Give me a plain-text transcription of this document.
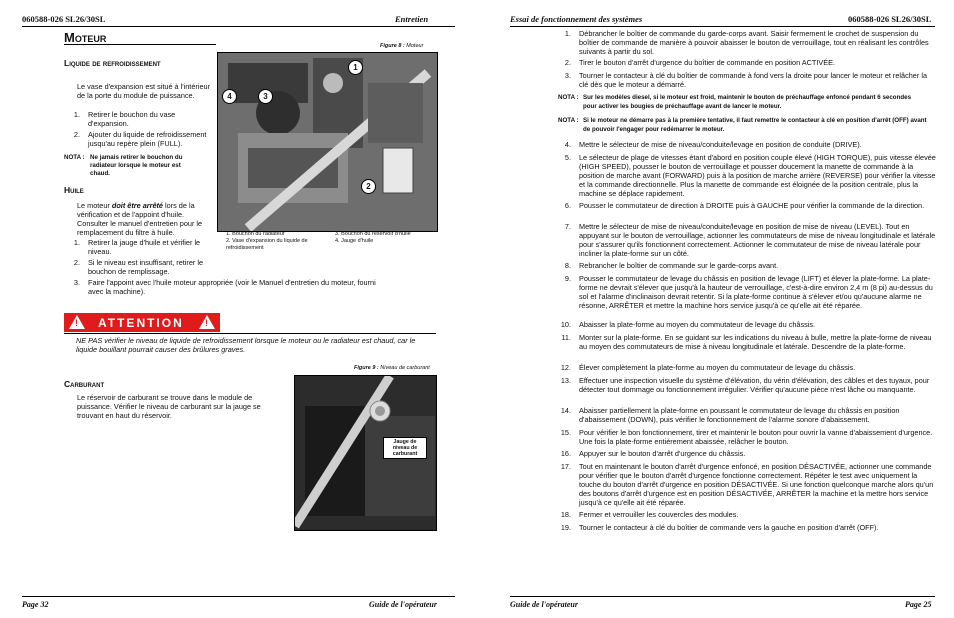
060588-026 SL26/30SL	Entretien
Moteur
Figure 8 : Moteur
Liquide de refroidissement
Le vase d'expansion est situé à l'intérieur de la porte du module de puissance.
1. Retirer le bouchon du vase d'expansion.
2. Ajouter du liquide de refroidissement jusqu'au repère plein (FULL).
NOTA : Ne jamais retirer le bouchon du radiateur lorsque le moteur est chaud.
Huile
Le moteur doit être arrêté lors de la vérification et de l'appoint d'huile. Consulter le manuel d'entretien pour le remplacement du filtre à huile.
1. Retirer la jauge d'huile et vérifier le niveau.
2. Si le niveau est insuffisant, retirer le bouchon de remplissage.
3. Faire l'appoint avec l'huile moteur appropriée (voir le Manuel d'entretien du moteur, fourni avec la machine).
1
2
3
4
1. Bouchon du radiateur
2. Vase d'expansion du liquide de refroidissement
3. Bouchon du réservoir d'huile
4. Jauge d'huile
! ATTENTION !
NE PAS vérifier le niveau de liquide de refroidissement lorsque le moteur ou le radiateur est chaud, car le liquide bouillant pourrait causer des brûlures graves.
Figure 9 : Niveau de carburant
Carburant
Le réservoir de carburant se trouve dans le module de puissance. Vérifier le niveau de carburant sur la jauge se trouvant en haut du réservoir.
Jauge de niveau de carburant
Page 32	Guide de l'opérateur
Essai de fonctionnement des systèmes	060588-026 SL26/30SL
1. Débrancher le boîtier de commande du garde-corps avant. Saisir fermement le crochet de suspension du boîtier de commande de manière à pouvoir abaisser le bouton de verrouillage, tout en réalisant les contrôles suivants à partir du sol.
2. Tirer le bouton d'arrêt d'urgence du boîtier de commande en position ACTIVÉE.
3. Tourner le contacteur à clé du boîtier de commande à fond vers la droite pour lancer le moteur et relâcher la clé dès que le moteur a démarré.
NOTA : Sur les modèles diesel, si le moteur est froid, maintenir le bouton de préchauffage enfoncé pendant 6 secondes pour activer les bougies de préchauffage avant de lancer le moteur.
NOTA : Si le moteur ne démarre pas à la première tentative, il faut remettre le contacteur à clé en position d'arrêt (OFF) avant de pouvoir l'engager pour redémarrer le moteur.
4. Mettre le sélecteur de mise de niveau/conduite/levage en position de conduite (DRIVE).
5. Le sélecteur de plage de vitesses étant d'abord en position couple élevé (HIGH TORQUE), puis vitesse élevée (HIGH SPEED), pousser le bouton de verrouillage et pousser doucement la manette de commande à la position de marche avant (FORWARD) puis à la position de marche arrière (REVERSE) pour vérifier la vitesse et la commande directionnelle. Plus la manette de commande est éloignée de la position centrale, plus la machine se déplace rapidement.
6. Pousser le commutateur de direction à DROITE puis à GAUCHE pour vérifier la commande de la direction.
7. Mettre le sélecteur de mise de niveau/conduite/levage en position de mise de niveau (LEVEL). Tout en appuyant sur le bouton de verrouillage, actionner les commutateurs de mise de niveau longitudinale et latérale pour s'assurer qu'ils fonctionnent correctement. Actionner le commutateur de mise de niveau latérale pour incliner la plate-forme sur un côté.
8. Rebrancher le boîtier de commande sur le garde-corps avant.
9. Pousser le commutateur de levage du châssis en position de levage (LIFT) et élever la plate-forme. La plate-forme ne devrait s'élever que jusqu'à la hauteur de verrouillage, c'est-à-dire environ 2,4 m (8 pi) au-dessus du sol et l'alarme d'inclinaison devrait retentir. Si la plate-forme continue à s'élever et/ou qu'aucune alarme ne résonne, ARRÊTER et mettre la machine hors service jusqu'à ce qu'elle ait été réparée.
10. Abaisser la plate-forme au moyen du commutateur de levage du châssis.
11. Monter sur la plate-forme. En se guidant sur les indications du niveau à bulle, mettre la plate-forme de niveau au moyen des commutateurs de mise à niveau longitudinale et latérale. Descendre de la plate-forme.
12. Élever complètement la plate-forme au moyen du commutateur de levage du châssis.
13. Effectuer une inspection visuelle du système d'élévation, du vérin d'élévation, des câbles et des tuyaux, pour détecter tout dommage ou fonctionnement irrégulier. Vérifier qu'aucune pièce n'est lâche ou manquante.
14. Abaisser partiellement la plate-forme en poussant le commutateur de levage du châssis en position d'abaissement (DOWN), puis vérifier le fonctionnement de l'alarme sonore d'abaissement.
15. Pour vérifier le bon fonctionnement, tirer et maintenir le bouton pour ouvrir la vanne d'abaissement d'urgence. Une fois la plate-forme entièrement abaissée, relâcher le bouton.
16. Appuyer sur le bouton d'arrêt d'urgence du châssis.
17. Tout en maintenant le bouton d'arrêt d'urgence enfoncé, en position DÉSACTIVÉE, actionner une commande pour vérifier que le bouton d'arrêt d'urgence fonctionne correctement. Répéter le test avec uniquement la touche du bouton d'arrêt d'urgence en position DÉSACTIVÉE. Si une fonction quelconque marche alors qu'un des boutons d'arrêt d'urgence est en position DÉSACTIVÉE, ARRÊTER la machine et la mettre hors service jusqu'à ce qu'elle ait été réparée.
18. Fermer et verrouiller les couvercles des modules.
19. Tourner le contacteur à clé du boîtier de commande vers la gauche en position d'arrêt (OFF).
Guide de l'opérateur	Page 25
